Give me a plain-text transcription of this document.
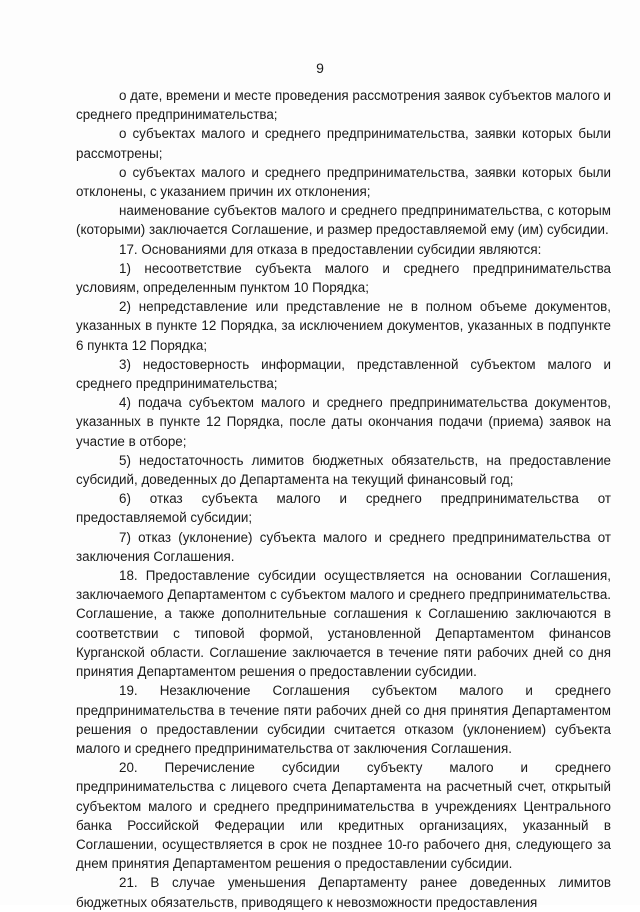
9

о дате, времени и месте проведения рассмотрения заявок субъектов малого и среднего предпринимательства;

о субъектах малого и среднего предпринимательства, заявки которых были рассмотрены;

о субъектах малого и среднего предпринимательства, заявки которых были отклонены, с указанием причин их отклонения;

наименование субъектов малого и среднего предпринимательства, с которым (которыми) заключается Соглашение, и размер предоставляемой ему (им) субсидии.

17. Основаниями для отказа в предоставлении субсидии являются:

1) несоответствие субъекта малого и среднего предпринимательства условиям, определенным пунктом 10 Порядка;

2) непредставление или представление не в полном объеме документов, указанных в пункте 12 Порядка, за исключением документов, указанных в подпункте 6 пункта 12 Порядка;

3) недостоверность информации, представленной субъектом малого и среднего предпринимательства;

4) подача субъектом малого и среднего предпринимательства документов, указанных в пункте 12 Порядка, после даты окончания подачи (приема) заявок на участие в отборе;

5) недостаточность лимитов бюджетных обязательств, на предоставление субсидий, доведенных до Департамента на текущий финансовый год;

6) отказ субъекта малого и среднего предпринимательства от предоставляемой субсидии;

7) отказ (уклонение) субъекта малого и среднего предпринимательства от заключения Соглашения.

18. Предоставление субсидии осуществляется на основании Соглашения, заключаемого Департаментом с субъектом малого и среднего предпринимательства. Соглашение, а также дополнительные соглашения к Соглашению заключаются в соответствии с типовой формой, установленной Департаментом финансов Курганской области. Соглашение заключается в течение пяти рабочих дней со дня принятия Департаментом решения о предоставлении субсидии.

19. Незаключение Соглашения субъектом малого и среднего предпринимательства в течение пяти рабочих дней со дня принятия Департаментом решения о предоставлении субсидии считается отказом (уклонением) субъекта малого и среднего предпринимательства от заключения Соглашения.

20. Перечисление субсидии субъекту малого и среднего предпринимательства с лицевого счета Департамента на расчетный счет, открытый субъектом малого и среднего предпринимательства в учреждениях Центрального банка Российской Федерации или кредитных организациях, указанный в Соглашении, осуществляется в срок не позднее 10-го рабочего дня, следующего за днем принятия Департаментом решения о предоставлении субсидии.

21. В случае уменьшения Департаменту ранее доведенных лимитов бюджетных обязательств, приводящего к невозможности предоставления
